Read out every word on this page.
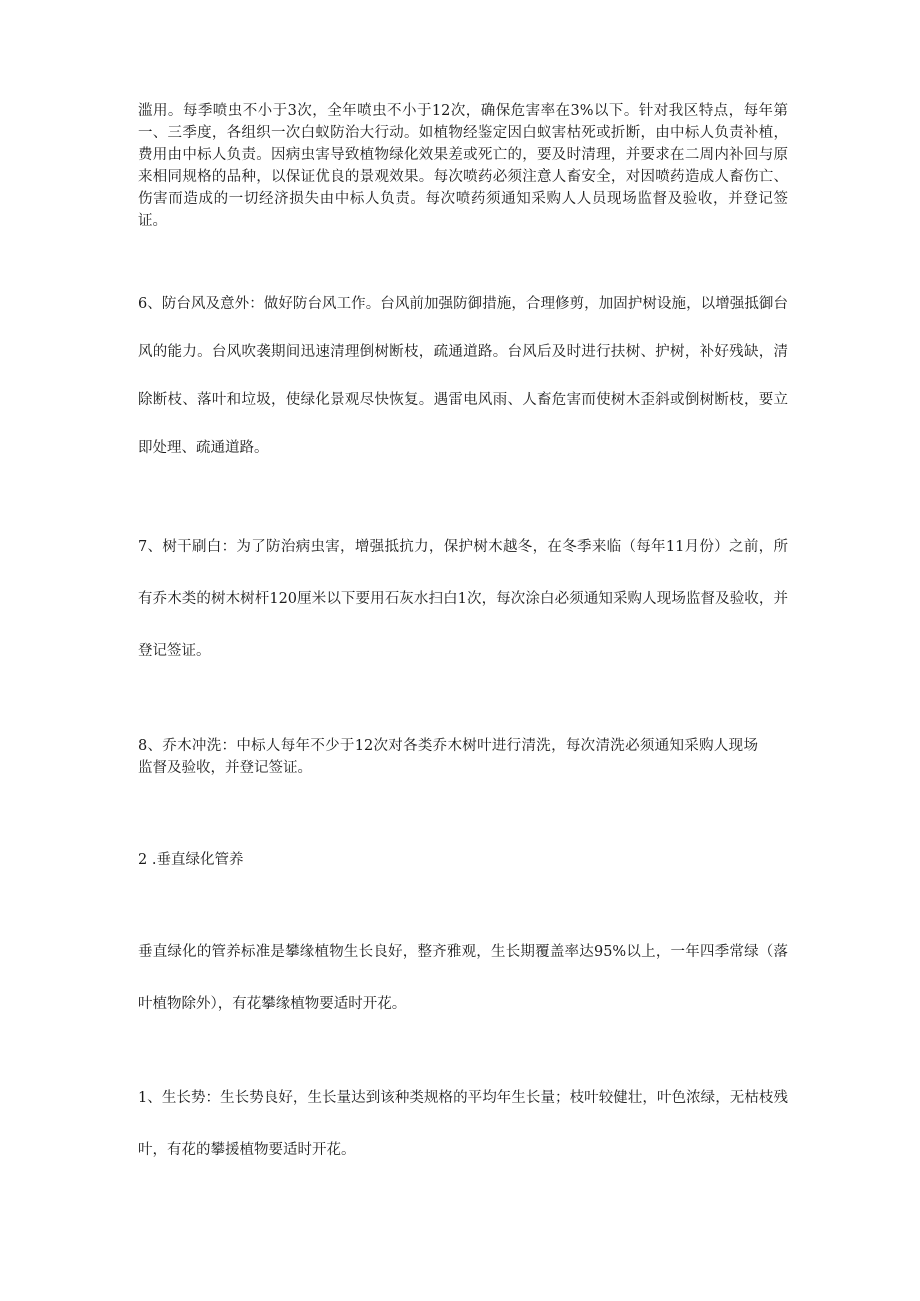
滥用。每季喷虫不小于3次，全年喷虫不小于12次，确保危害率在3%以下。针对我区特点，每年第一、三季度，各组织一次白蚁防治大行动。如植物经鉴定因白蚁害枯死或折断，由中标人负责补植，费用由中标人负责。因病虫害导致植物绿化效果差或死亡的，要及时清理，并要求在二周内补回与原来相同规格的品种，以保证优良的景观效果。每次喷药必须注意人畜安全，对因喷药造成人畜伤亡、伤害而造成的一切经济损失由中标人负责。每次喷药须通知采购人人员现场监督及验收，并登记签证。

6、防台风及意外：做好防台风工作。台风前加强防御措施，合理修剪，加固护树设施，以增强抵御台风的能力。台风吹袭期间迅速清理倒树断枝，疏通道路。台风后及时进行扶树、护树，补好残缺，清除断枝、落叶和垃圾，使绿化景观尽快恢复。遇雷电风雨、人畜危害而使树木歪斜或倒树断枝，要立即处理、疏通道路。

7、树干刷白：为了防治病虫害，增强抵抗力，保护树木越冬，在冬季来临（每年11月份）之前，所有乔木类的树木树杆120厘米以下要用石灰水扫白1次，每次涂白必须通知采购人现场监督及验收，并登记签证。

8、乔木冲洗：中标人每年不少于12次对各类乔木树叶进行清洗，每次清洗必须通知采购人现场监督及验收，并登记签证。

2 .垂直绿化管养

垂直绿化的管养标准是攀缘植物生长良好，整齐雅观，生长期覆盖率达95%以上，一年四季常绿（落叶植物除外），有花攀缘植物要适时开花。

1、生长势：生长势良好，生长量达到该种类规格的平均年生长量；枝叶较健壮，叶色浓绿，无枯枝残叶，有花的攀援植物要适时开花。
